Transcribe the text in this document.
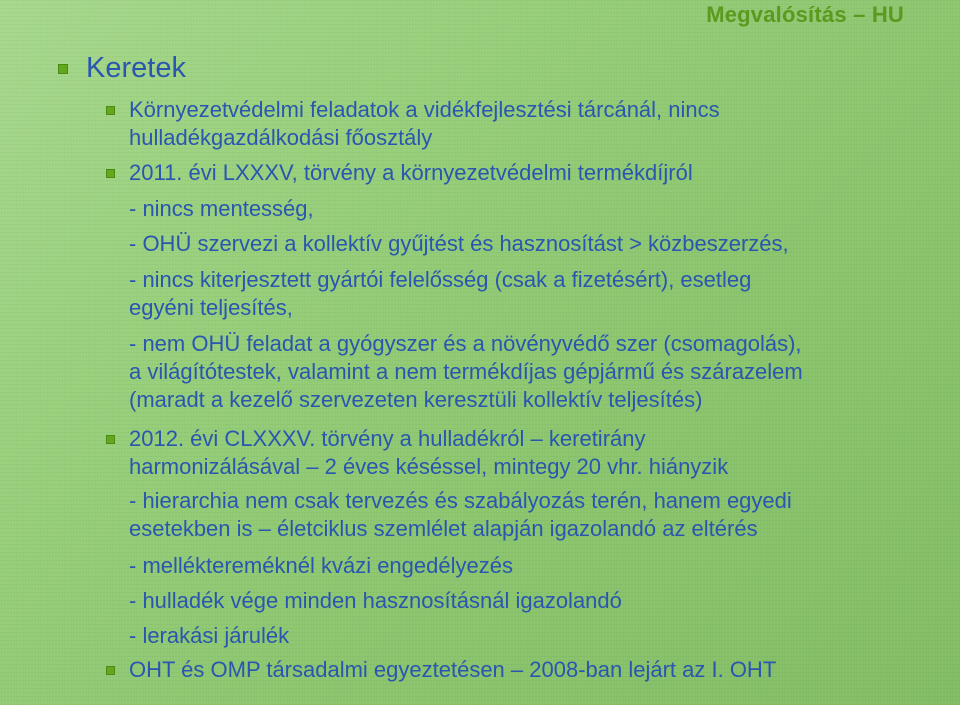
Megvalósítás – HU
Keretek
Környezetvédelmi feladatok a vidékfejlesztési tárcánál, nincs
hulladékgazdálkodási főosztály
2011. évi LXXXV, törvény a környezetvédelmi termékdíjról
- nincs mentesség,
- OHÜ szervezi a kollektív gyűjtést és hasznosítást > közbeszerzés,
- nincs kiterjesztett gyártói felelősség (csak a fizetésért), esetleg
egyéni teljesítés,
- nem OHÜ feladat a gyógyszer és a növényvédő szer (csomagolás),
a világítótestek, valamint a nem termékdíjas gépjármű és szárazelem
(maradt a kezelő szervezeten keresztüli kollektív teljesítés)
2012. évi CLXXXV. törvény a hulladékról – keretirány
harmonizálásával – 2 éves késéssel, mintegy 20 vhr. hiányzik
- hierarchia nem csak tervezés és szabályozás terén, hanem egyedi
esetekben is – életciklus szemlélet alapján igazolandó az eltérés
- melléktereméknél kvázi engedélyezés
- hulladék vége minden hasznosításnál igazolandó
- lerakási járulék
OHT és OMP társadalmi egyeztetésen – 2008-ban lejárt az I. OHT
